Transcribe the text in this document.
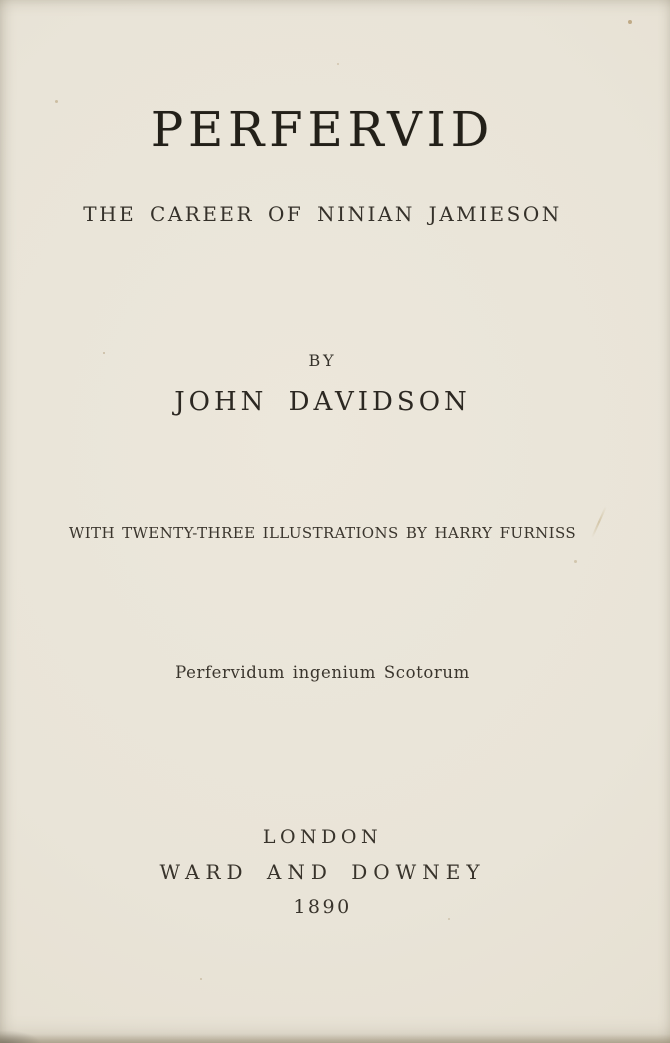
PERFERVID
THE CAREER OF NINIAN JAMIESON
BY
JOHN DAVIDSON
WITH TWENTY-THREE ILLUSTRATIONS BY HARRY FURNISS
Perfervidum ingenium Scotorum
LONDON
WARD AND DOWNEY
1890
